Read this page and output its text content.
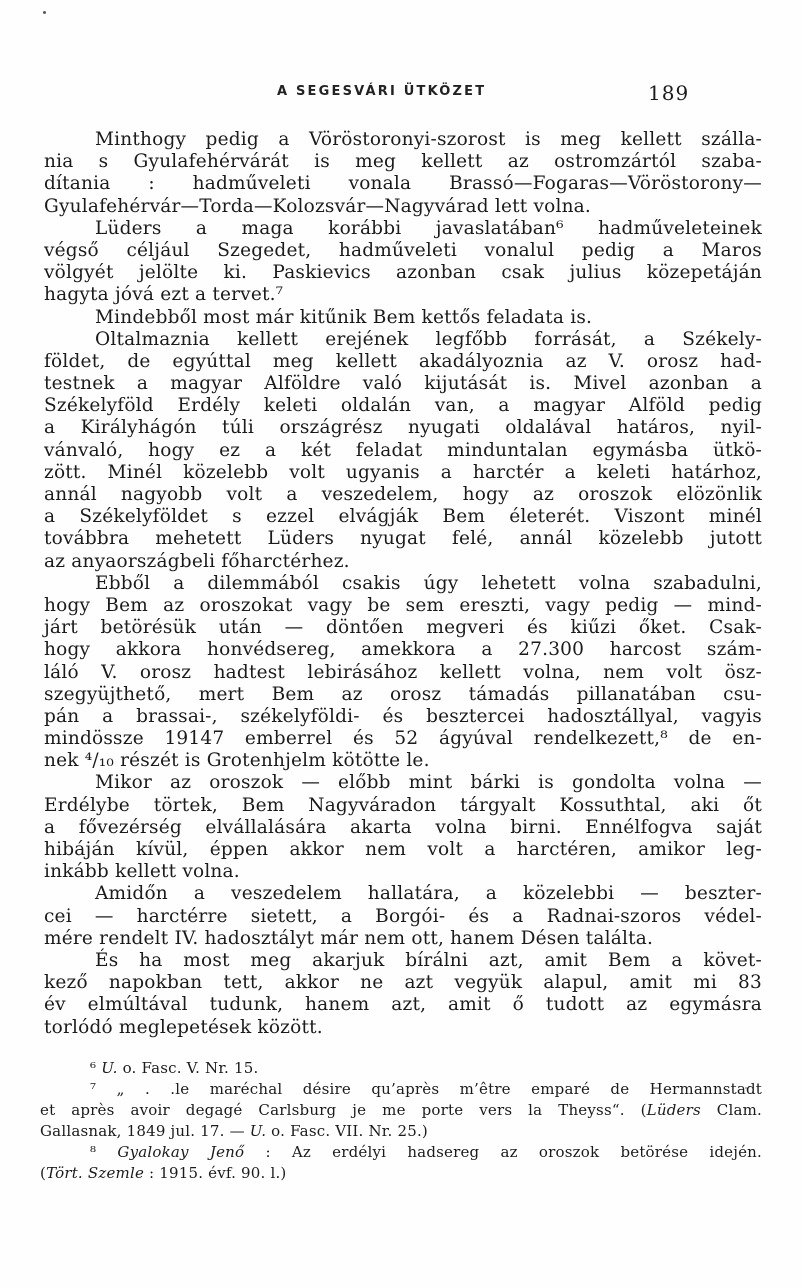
A SEGESVÁRI ÜTKÖZET	189
Minthogy pedig a Vöröstoronyi-szorost is meg kellett szálla-
nia s Gyulafehérvárát is meg kellett az ostromzártól szaba-
dítania : hadműveleti vonala Brassó—Fogaras—Vöröstorony—
Gyulafehérvár—Torda—Kolozsvár—Nagyvárad lett volna.
Lüders a maga korábbi javaslatában⁶ hadműveleteinek
végső céljául Szegedet, hadműveleti vonalul pedig a Maros
völgyét jelölte ki. Paskievics azonban csak julius közepetáján
hagyta jóvá ezt a tervet.⁷
Mindebből most már kitűnik Bem kettős feladata is.
Oltalmaznia kellett erejének legfőbb forrását, a Székely-
földet, de egyúttal meg kellett akadályoznia az V. orosz had-
testnek a magyar Alföldre való kijutását is. Mivel azonban a
Székelyföld Erdély keleti oldalán van, a magyar Alföld pedig
a Királyhágón túli országrész nyugati oldalával határos, nyil-
vánvaló, hogy ez a két feladat minduntalan egymásba ütkö-
zött. Minél közelebb volt ugyanis a harctér a keleti határhoz,
annál nagyobb volt a veszedelem, hogy az oroszok elözönlik
a Székelyföldet s ezzel elvágják Bem életerét. Viszont minél
továbbra mehetett Lüders nyugat felé, annál közelebb jutott
az anyaországbeli főharctérhez.
Ebből a dilemmából csakis úgy lehetett volna szabadulni,
hogy Bem az oroszokat vagy be sem ereszti, vagy pedig — mind-
járt betörésük után — döntően megveri és kiűzi őket. Csak-
hogy akkora honvédsereg, amekkora a 27.300 harcost szám-
láló V. orosz hadtest lebirásához kellett volna, nem volt ösz-
szegyüjthető, mert Bem az orosz támadás pillanatában csu-
pán a brassai-, székelyföldi- és besztercei hadosztállyal, vagyis
mindössze 19147 emberrel és 52 ágyúval rendelkezett,⁸ de en-
nek ⁴/₁₀ részét is Grotenhjelm kötötte le.
Mikor az oroszok — előbb mint bárki is gondolta volna —
Erdélybe törtek, Bem Nagyváradon tárgyalt Kossuthtal, aki őt
a fővezérség elvállalására akarta volna birni. Ennélfogva saját
hibáján kívül, éppen akkor nem volt a harctéren, amikor leg-
inkább kellett volna.
Amidőn a veszedelem hallatára, a közelebbi — beszter-
cei — harctérre sietett, a Borgói- és a Radnai-szoros védel-
mére rendelt IV. hadosztályt már nem ott, hanem Désen találta.
És ha most meg akarjuk bírálni azt, amit Bem a követ-
kező napokban tett, akkor ne azt vegyük alapul, amit mi 83
év elmúltával tudunk, hanem azt, amit ő tudott az egymásra
torlódó meglepetések között.
⁶ U. o. Fasc. V. Nr. 15.
⁷ „ . .le maréchal désire qu’après m’être emparé de Hermannstadt
et après avoir degagé Carlsburg je me porte vers la Theyss“. (Lüders Clam.
Gallasnak, 1849 jul. 17. — U. o. Fasc. VII. Nr. 25.)
⁸ Gyalokay Jenő : Az erdélyi hadsereg az oroszok betörése idején.
(Tört. Szemle : 1915. évf. 90. l.)
